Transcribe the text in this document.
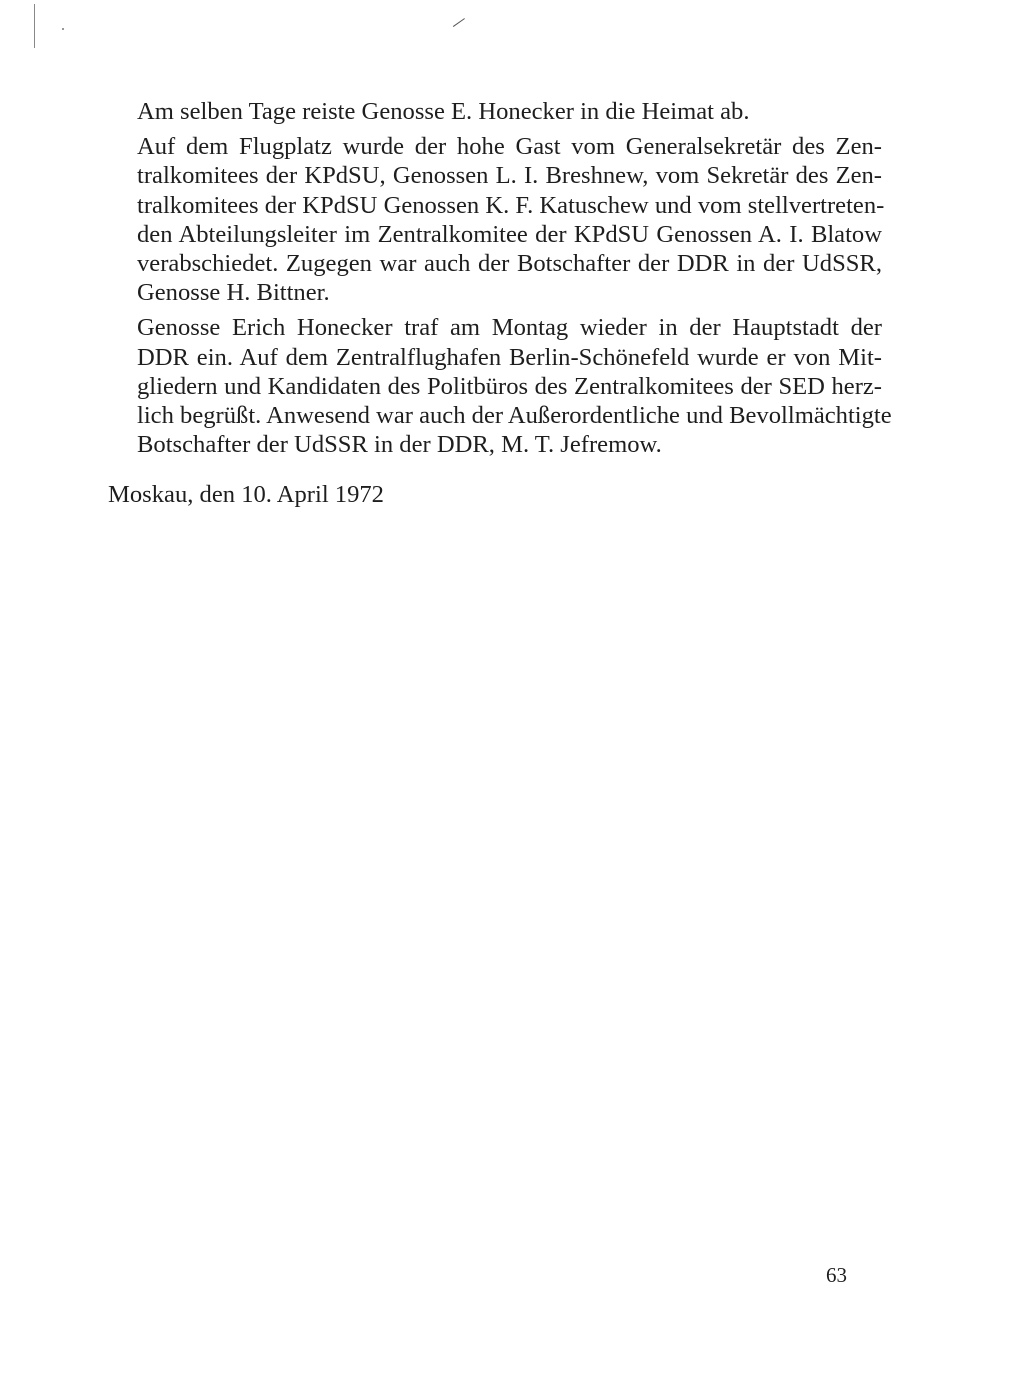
Am selben Tage reiste Genosse E. Honecker in die Heimat ab.

Auf dem Flugplatz wurde der hohe Gast vom Generalsekretär des Zen-
tralkomitees der KPdSU, Genossen L. I. Breshnew, vom Sekretär des Zen-
tralkomitees der KPdSU Genossen K. F. Katuschew und vom stellvertreten-
den Abteilungsleiter im Zentralkomitee der KPdSU Genossen A. I. Blatow
verabschiedet. Zugegen war auch der Botschafter der DDR in der UdSSR,
Genosse H. Bittner.

Genosse Erich Honecker traf am Montag wieder in der Hauptstadt der
DDR ein. Auf dem Zentralflughafen Berlin-Schönefeld wurde er von Mit-
gliedern und Kandidaten des Politbüros des Zentralkomitees der SED herz-
lich begrüßt. Anwesend war auch der Außerordentliche und Bevollmächtigte
Botschafter der UdSSR in der DDR, M. T. Jefremow.

Moskau, den 10. April 1972
63
